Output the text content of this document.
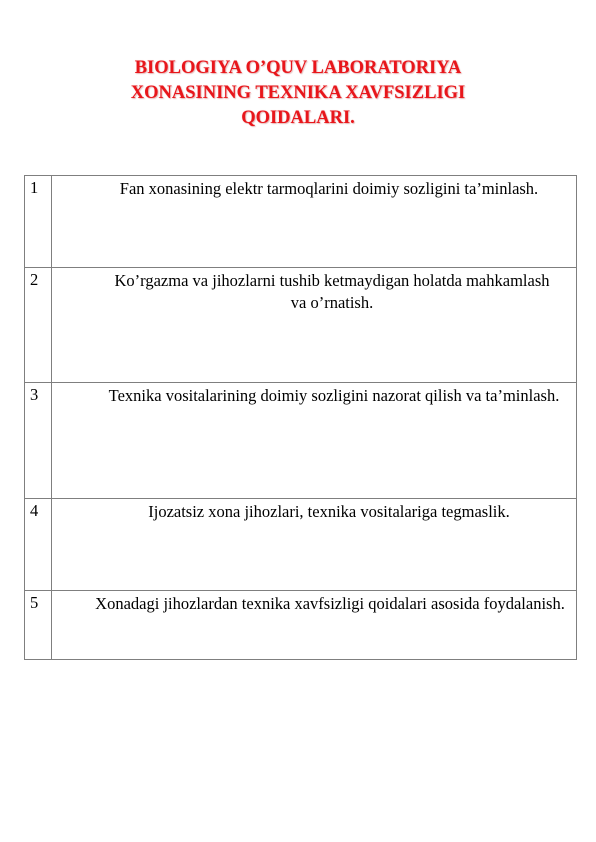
BIOLOGIYA O’QUV LABORATORIYA
XONASINING TEXNIKA XAVFSIZLIGI
QOIDALARI.
1	Fan xonasining elektr tarmoqlarini doimiy sozligini ta’minlash.
2	Ko’rgazma va jihozlarni tushib ketmaydigan holatda mahkamlash va o’rnatish.
3	Texnika vositalarining doimiy sozligini nazorat qilish va ta’minlash.
4	Ijozatsiz xona jihozlari, texnika vositalariga tegmaslik.
5	Xonadagi jihozlardan texnika xavfsizligi qoidalari asosida foydalanish.
